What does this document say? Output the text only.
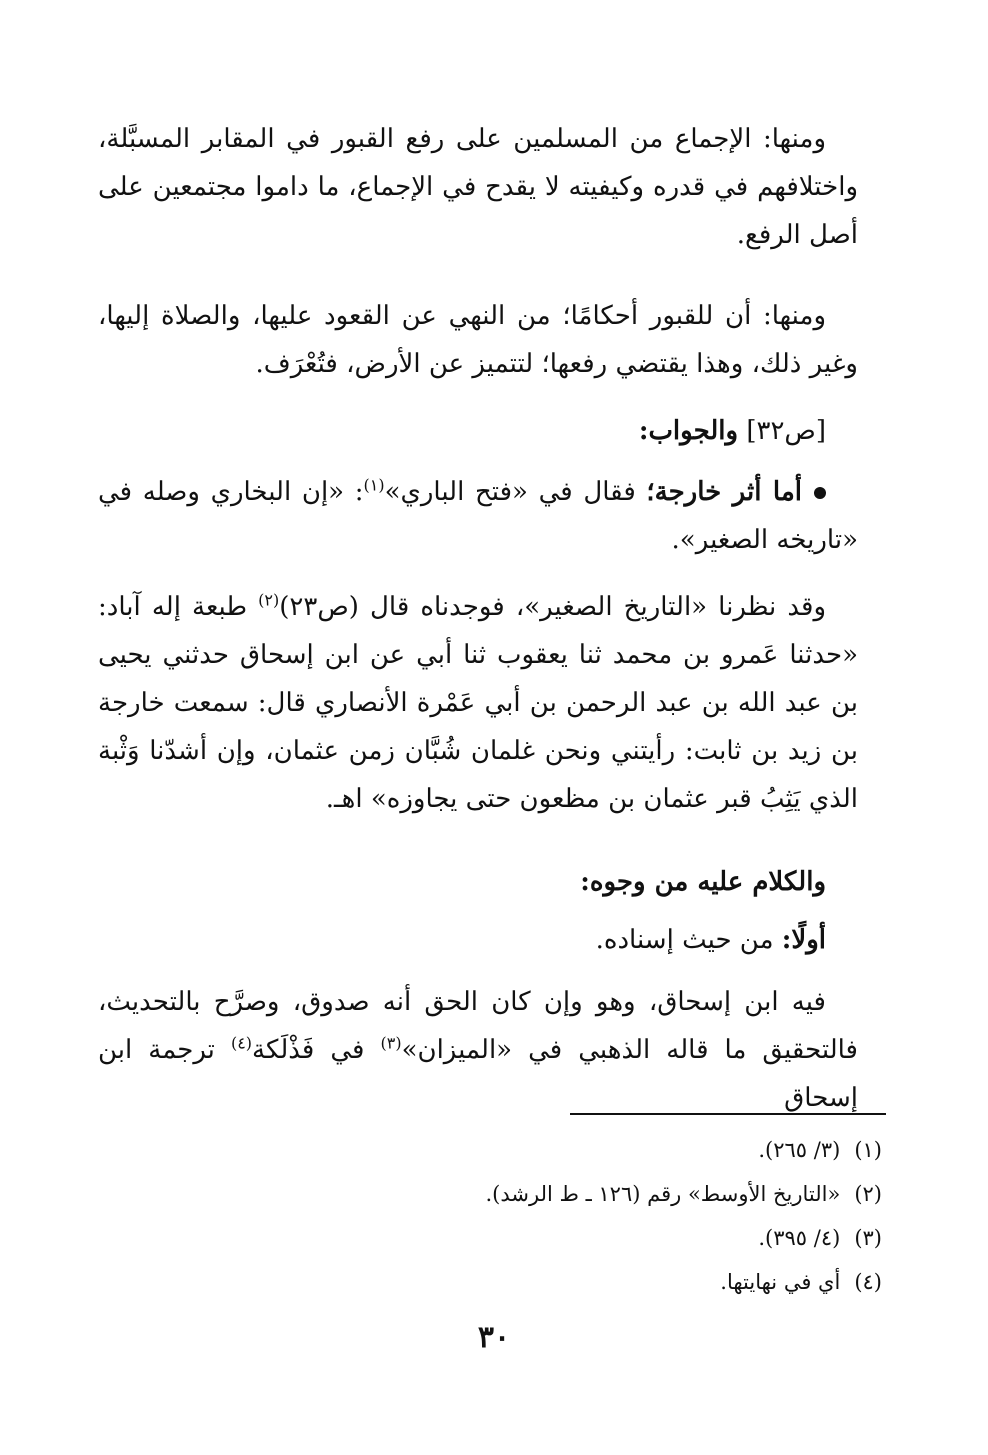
ومنها: الإجماع من المسلمين على رفع القبور في المقابر المسبَّلة، واختلافهم في قدره وكيفيته لا يقدح في الإجماع، ما داموا مجتمعين على أصل الرفع.

ومنها: أن للقبور أحكامًا؛ من النهي عن القعود عليها، والصلاة إليها، وغير ذلك، وهذا يقتضي رفعها؛ لتتميز عن الأرض، فتُعْرَف.

[ص٣٢] والجواب:

أما أثر خارجة؛ فقال في «فتح الباري»$^{(١)}$: «إن البخاري وصله في «تاريخه الصغير».

وقد نظرنا «التاريخ الصغير»، فوجدناه قال (ص٢٣)$^{(٢)}$ طبعة إله آباد: «حدثنا عَمرو بن محمد ثنا يعقوب ثنا أبي عن ابن إسحاق حدثني يحيى بن عبد الله بن عبد الرحمن بن أبي عَمْرة الأنصاري قال: سمعت خارجة بن زيد بن ثابت: رأيتني ونحن غلمان شُبَّان زمن عثمان، وإن أشدّنا وَثْبة الذي يَثِبُ قبر عثمان بن مظعون حتى يجاوزه» اهـ.

والكلام عليه من وجوه:

أولًا: من حيث إسناده.

فيه ابن إسحاق، وهو وإن كان الحق أنه صدوق، وصرَّح بالتحديث، فالتحقيق ما قاله الذهبي في «الميزان»$^{(٣)}$ في فَذْلَكة$^{(٤)}$ ترجمة ابن إسحاق

(١)(٣/ ٢٦٥).
(٢)«التاريخ الأوسط» رقم (١٢٦ ـ ط الرشد).
(٣)(٤/ ٣٩٥).
(٤)أي في نهايتها.
٣٠
